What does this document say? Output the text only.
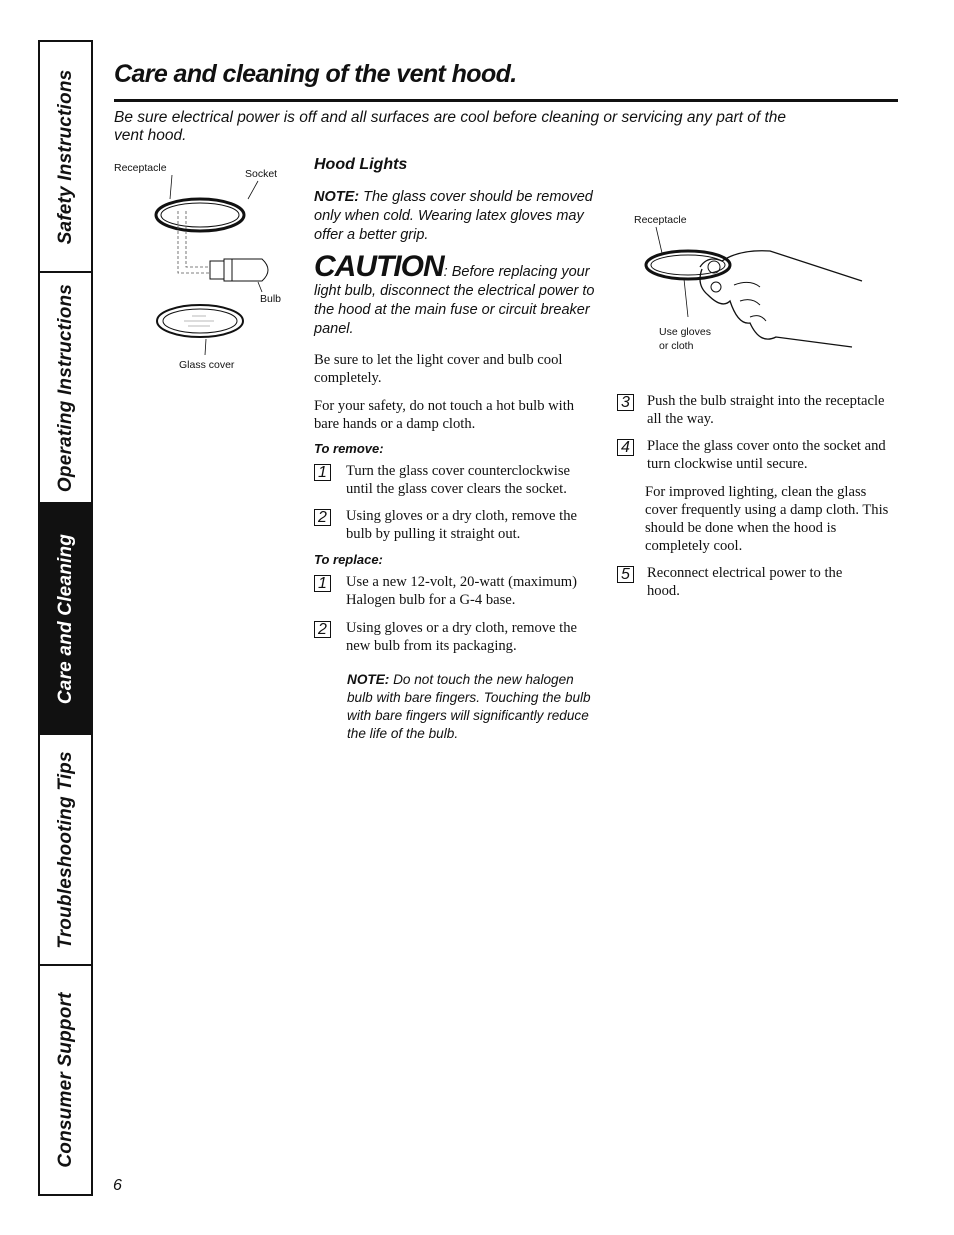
Safety Instructions
Operating Instructions
Care and Cleaning
Troubleshooting Tips
Consumer Support
Care and cleaning of the vent hood.

Be sure electrical power is off and all surfaces are cool before cleaning or servicing any part of the vent hood.

Receptacle	Socket
Bulb
Glass cover

Hood Lights

NOTE: The glass cover should be removed only when cold. Wearing latex gloves may offer a better grip.

CAUTION: Before replacing your light bulb, disconnect the electrical power to the hood at the main fuse or circuit breaker panel.

Be sure to let the light cover and bulb cool completely.

For your safety, do not touch a hot bulb with bare hands or a damp cloth.

To remove:

1 Turn the glass cover counterclockwise until the glass cover clears the socket.
2 Using gloves or a dry cloth, remove the bulb by pulling it straight out.

To replace:

1 Use a new 12-volt, 20-watt (maximum) Halogen bulb for a G-4 base.
2 Using gloves or a dry cloth, remove the new bulb from its packaging.

NOTE: Do not touch the new halogen bulb with bare fingers. Touching the bulb with bare fingers will significantly reduce the life of the bulb.

Receptacle
Use gloves
or cloth
3 Push the bulb straight into the receptacle all the way.
4 Place the glass cover onto the socket and turn clockwise until secure.

For improved lighting, clean the glass cover frequently using a damp cloth. This should be done when the hood is completely cool.

5 Reconnect electrical power to the hood.
6
